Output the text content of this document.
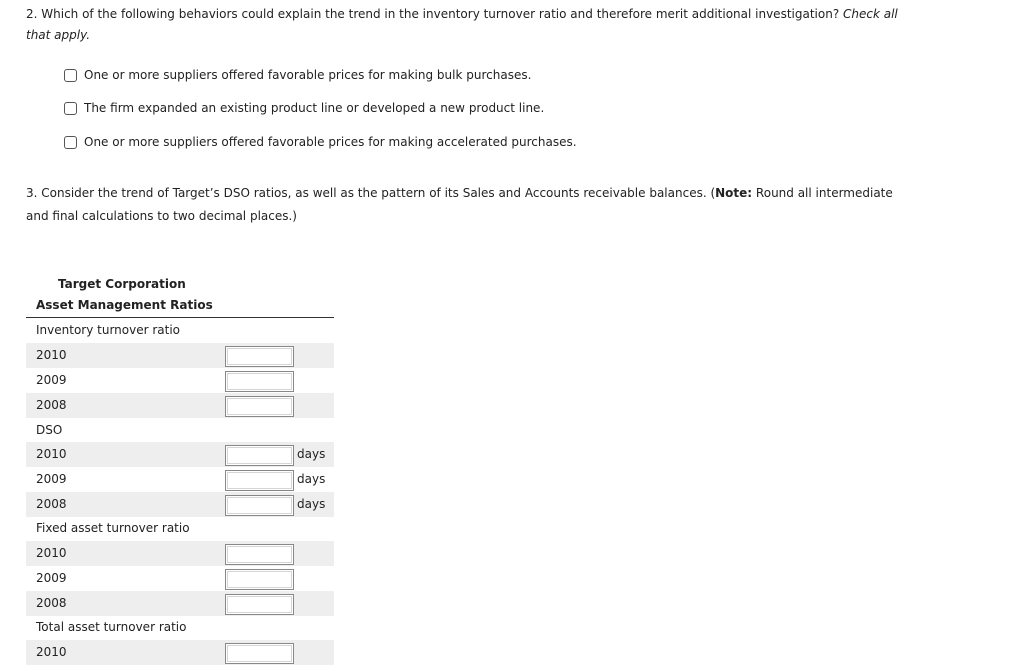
2. Which of the following behaviors could explain the trend in the inventory turnover ratio and therefore merit additional investigation? Check all that apply.

One or more suppliers offered favorable prices for making bulk purchases.
The firm expanded an existing product line or developed a new product line.
One or more suppliers offered favorable prices for making accelerated purchases.

3. Consider the trend of Target’s DSO ratios, as well as the pattern of its Sales and Accounts receivable balances. (Note: Round all intermediate and final calculations to two decimal places.)

Target Corporation
Asset Management Ratios
Inventory turnover ratio
2010
2009
2008
DSO
2010	days
2009	days
2008	days
Fixed asset turnover ratio
2010
2009
2008
Total asset turnover ratio
2010
